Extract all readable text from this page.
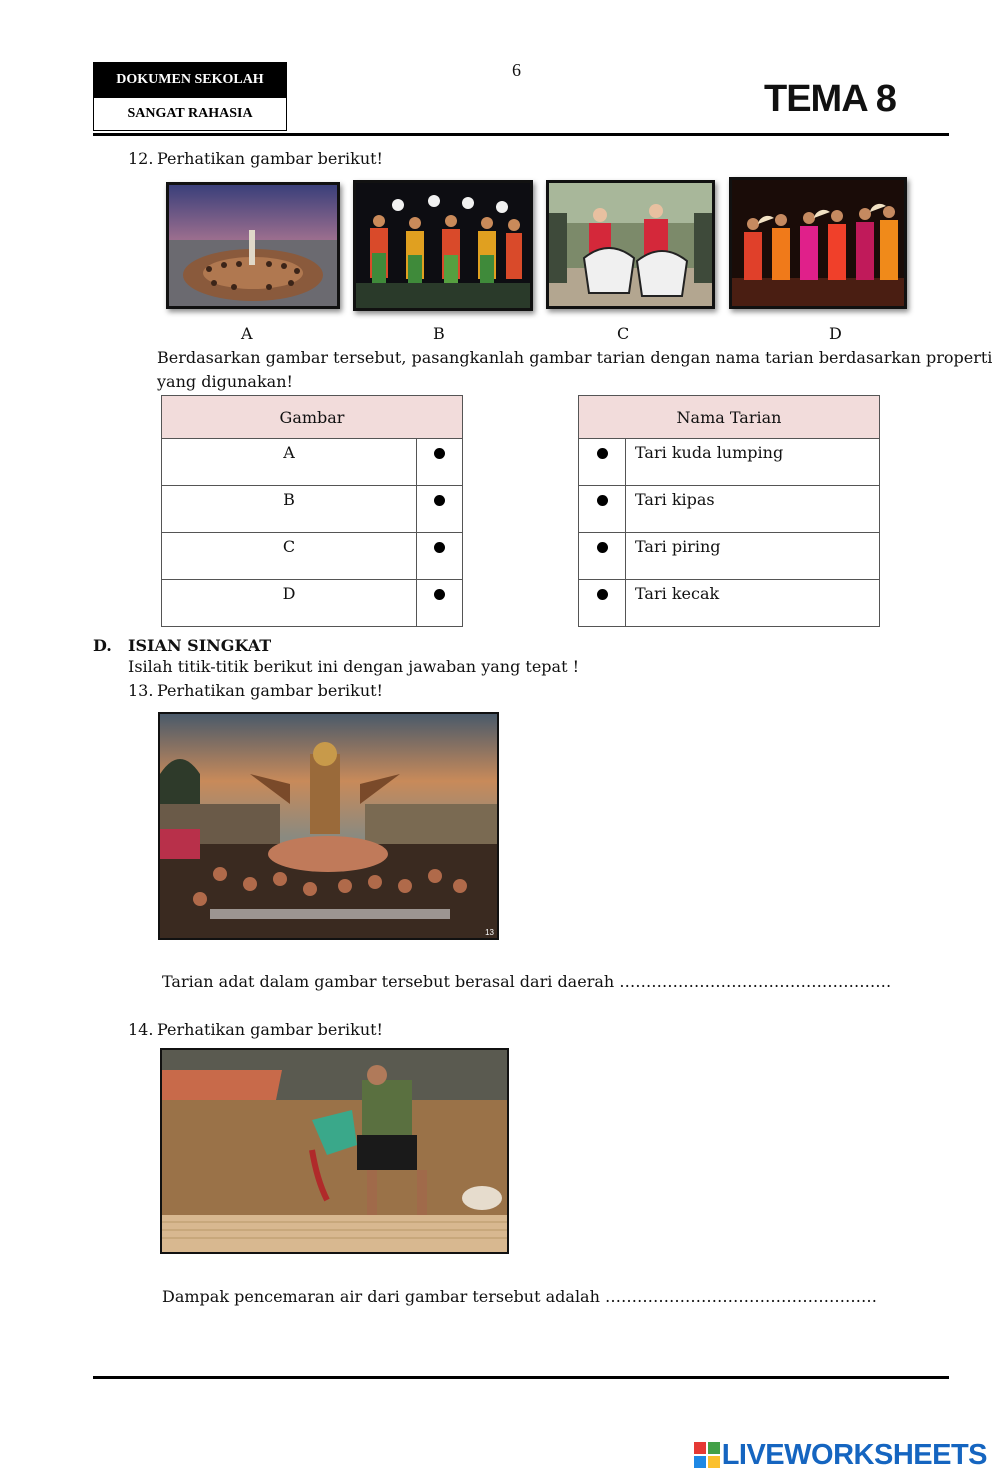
DOKUMEN SEKOLAH
SANGAT RAHASIA
6
TEMA 8
12. Perhatikan gambar berikut!
A	B	C	D
Berdasarkan gambar tersebut, pasangkanlah gambar tarian dengan nama tarian berdasarkan properti
yang digunakan!
Gambar	
A	
B	
C	
D	
Nama Tarian	
	Tari kuda lumping
	Tari kipas
	Tari piring
	Tari kecak
D. ISIAN SINGKAT
Isilah titik-titik berikut ini dengan jawaban yang tepat !
13. Perhatikan gambar berikut!
13
Tarian adat dalam gambar tersebut berasal dari daerah ……………………………………………
14. Perhatikan gambar berikut!
Dampak pencemaran air dari gambar tersebut adalah ……………………………………………
LIVE WORKSHEETS
